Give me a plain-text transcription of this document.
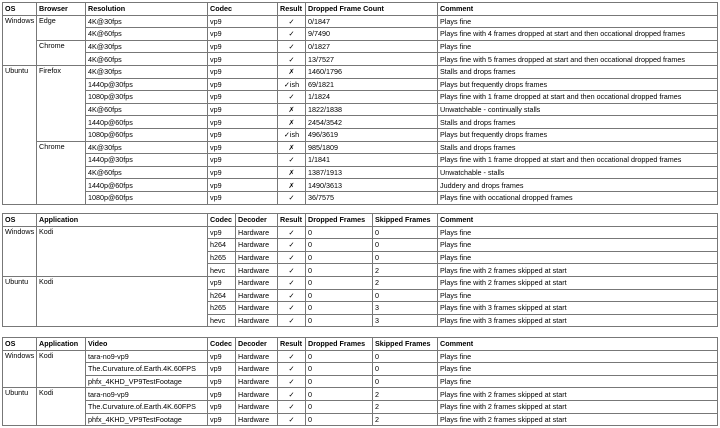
OS	Browser	Resolution	Codec	Result	Dropped Frame Count	Comment
Windows	Edge	4K@30fps	vp9	✓	0/1847	Plays fine
		4K@60fps	vp9	✓	9/7490	Plays fine with 4 frames dropped at start and then occational dropped frames
	Chrome	4K@30fps	vp9	✓	0/1827	Plays fine
		4K@60fps	vp9	✓	13/7527	Plays fine with 5 frames dropped at start and then occational dropped frames
Ubuntu	Firefox	4K@30fps	vp9	✗	1460/1796	Stalls and drops frames
		1440p@30fps	vp9	✓ish	69/1821	Plays but frequently drops frames
		1080p@30fps	vp9	✓	1/1824	Plays fine with 1 frame dropped at start and then occational dropped frames
		4K@60fps	vp9	✗	1822/1838	Unwatchable - continually stalls
		1440p@60fps	vp9	✗	2454/3542	Stalls and drops frames
		1080p@60fps	vp9	✓ish	496/3619	Plays but frequently drops frames
	Chrome	4K@30fps	vp9	✗	985/1809	Stalls and drops frames
		1440p@30fps	vp9	✓	1/1841	Plays fine with 1 frame dropped at start and then occational dropped frames
		4K@60fps	vp9	✗	1387/1913	Unwatchable - stalls
		1440p@60fps	vp9	✗	1490/3613	Juddery and drops frames
		1080p@60fps	vp9	✓	36/7575	Plays fine with occational dropped frames
OS	Application	Codec	Decoder	Result	Dropped Frames	Skipped Frames	Comment
Windows	Kodi	vp9	Hardware	✓	0	0	Plays fine
		h264	Hardware	✓	0	0	Plays fine
		h265	Hardware	✓	0	0	Plays fine
		hevc	Hardware	✓	0	2	Plays fine with 2 frames skipped at start
Ubuntu	Kodi	vp9	Hardware	✓	0	2	Plays fine with 2 frames skipped at start
		h264	Hardware	✓	0	0	Plays fine
		h265	Hardware	✓	0	3	Plays fine with 3 frames skipped at start
		hevc	Hardware	✓	0	3	Plays fine with 3 frames skipped at start
OS	Application	Video	Codec	Decoder	Result	Dropped Frames	Skipped Frames	Comment
Windows	Kodi	tara-no9-vp9	vp9	Hardware	✓	0	0	Plays fine
		The.Curvature.of.Earth.4K.60FPS	vp9	Hardware	✓	0	0	Plays fine
		phfx_4KHD_VP9TestFootage	vp9	Hardware	✓	0	0	Plays fine
Ubuntu	Kodi	tara-no9-vp9	vp9	Hardware	✓	0	2	Plays fine with 2 frames skipped at start
		The.Curvature.of.Earth.4K.60FPS	vp9	Hardware	✓	0	2	Plays fine with 2 frames skipped at start
		phfx_4KHD_VP9TestFootage	vp9	Hardware	✓	0	2	Plays fine with 2 frames skipped at start
